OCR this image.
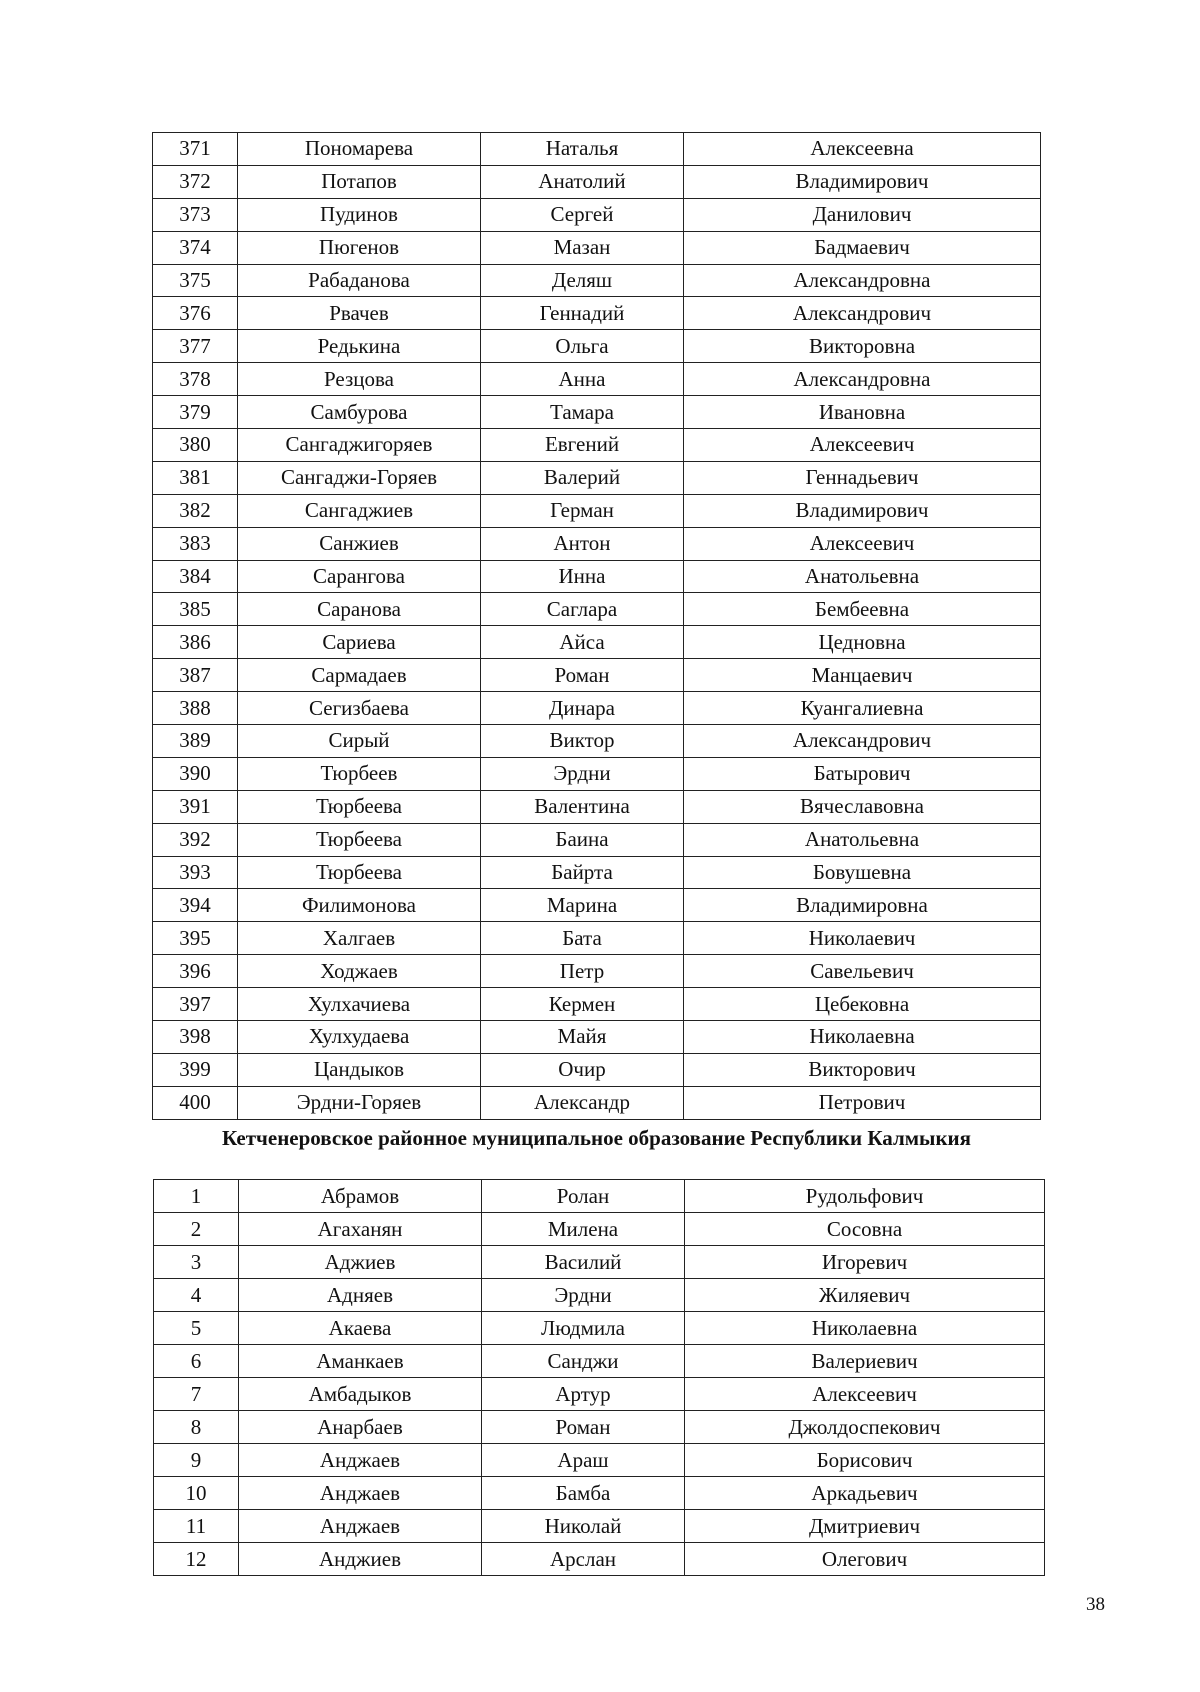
371	Пономарева	Наталья	Алексеевна
372	Потапов	Анатолий	Владимирович
373	Пудинов	Сергей	Данилович
374	Пюгенов	Мазан	Бадмаевич
375	Рабаданова	Деляш	Александровна
376	Рвачев	Геннадий	Александрович
377	Редькина	Ольга	Викторовна
378	Резцова	Анна	Александровна
379	Самбурова	Тамара	Ивановна
380	Сангаджигоряев	Евгений	Алексеевич
381	Сангаджи-Горяев	Валерий	Геннадьевич
382	Сангаджиев	Герман	Владимирович
383	Санжиев	Антон	Алексеевич
384	Сарангова	Инна	Анатольевна
385	Саранова	Саглара	Бембеевна
386	Сариева	Айса	Цедновна
387	Сармадаев	Роман	Манцаевич
388	Сегизбаева	Динара	Куангалиевна
389	Сирый	Виктор	Александрович
390	Тюрбеев	Эрдни	Батырович
391	Тюрбеева	Валентина	Вячеславовна
392	Тюрбеева	Баина	Анатольевна
393	Тюрбеева	Байрта	Бовушевна
394	Филимонова	Марина	Владимировна
395	Халгаев	Бата	Николаевич
396	Ходжаев	Петр	Савельевич
397	Хулхачиева	Кермен	Цебековна
398	Хулхудаева	Майя	Николаевна
399	Цандыков	Очир	Викторович
400	Эрдни-Горяев	Александр	Петрович
Кетченеровское районное муниципальное образование Республики Калмыкия
1	Абрамов	Ролан	Рудольфович
2	Агаханян	Милена	Сосовна
3	Аджиев	Василий	Игоревич
4	Адняев	Эрдни	Жиляевич
5	Акаева	Людмила	Николаевна
6	Аманкаев	Санджи	Валериевич
7	Амбадыков	Артур	Алексеевич
8	Анарбаев	Роман	Джолдоспекович
9	Анджаев	Араш	Борисович
10	Анджаев	Бамба	Аркадьевич
11	Анджаев	Николай	Дмитриевич
12	Анджиев	Арслан	Олегович
38
